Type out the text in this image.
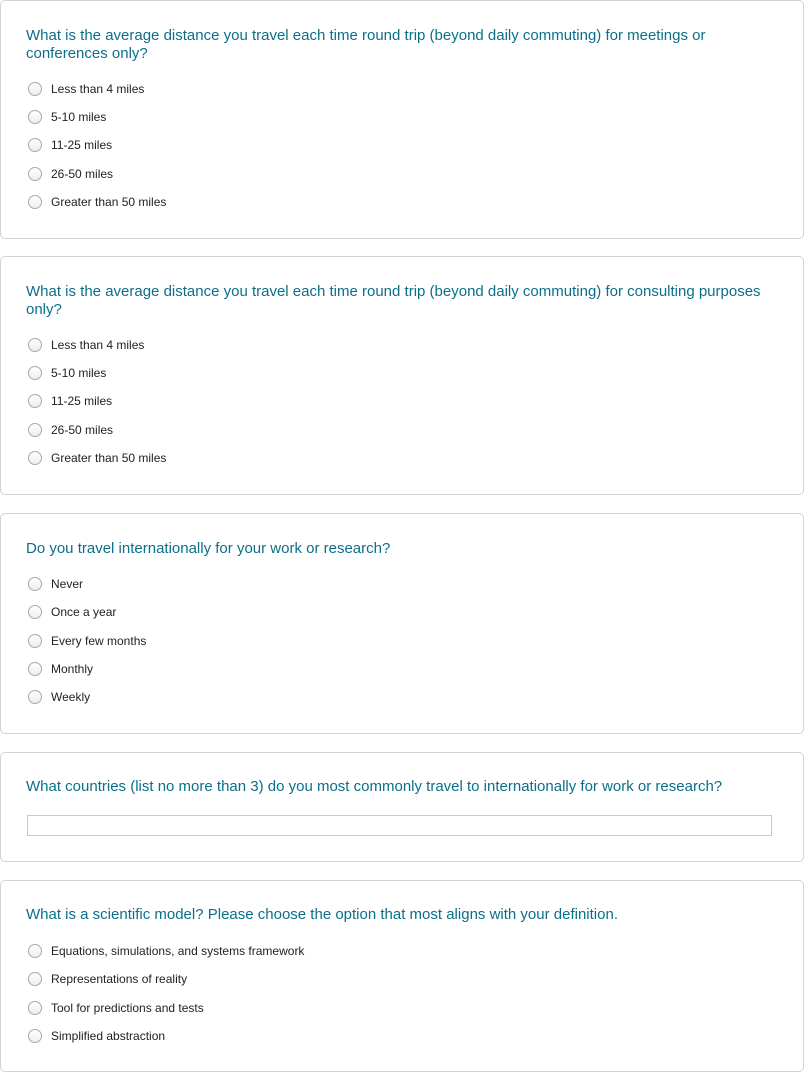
What is the average distance you travel each time round trip (beyond daily commuting) for meetings or conferences only?
Less than 4 miles
5-10 miles
11-25 miles
26-50 miles
Greater than 50 miles
What is the average distance you travel each time round trip (beyond daily commuting) for consulting purposes only?
Less than 4 miles
5-10 miles
11-25 miles
26-50 miles
Greater than 50 miles
Do you travel internationally for your work or research?
Never
Once a year
Every few months
Monthly
Weekly
What countries (list no more than 3) do you most commonly travel to internationally for work or research?
What is a scientific model? Please choose the option that most aligns with your definition.
Equations, simulations, and systems framework
Representations of reality
Tool for predictions and tests
Simplified abstraction
